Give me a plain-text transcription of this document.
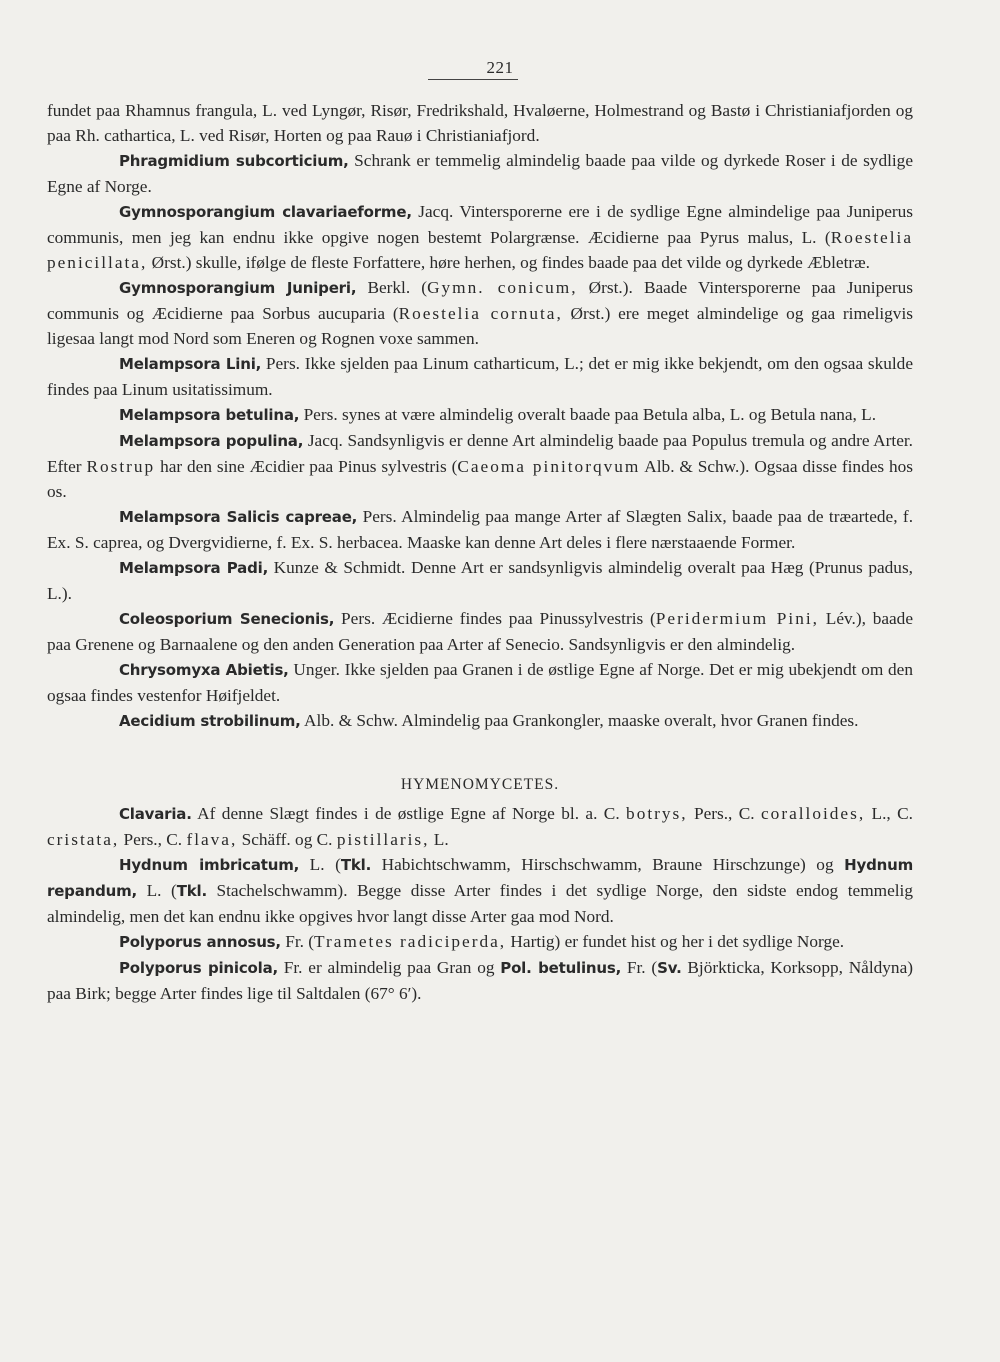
221

fundet paa Rhamnus frangula, L. ved Lyngør, Risør, Fredrikshald, Hvaløerne, Holmestrand og Bastø i Christianiafjorden og paa Rh. cathartica, L. ved Risør, Horten og paa Rauø i Christianiafjord.

Phragmidium subcorticium, Schrank er temmelig almindelig baade paa vilde og dyrkede Roser i de sydlige Egne af Norge.

Gymnosporangium clavariaeforme, Jacq. Vintersporerne ere i de sydlige Egne almindelige paa Juniperus communis, men jeg kan endnu ikke opgive nogen bestemt Polargrænse. Æcidierne paa Pyrus malus, L. (Roestelia penicillata, Ørst.) skulle, ifølge de fleste Forfattere, høre herhen, og findes baade paa det vilde og dyrkede Æbletræ.

Gymnosporangium Juniperi, Berkl. (Gymn. conicum, Ørst.). Baade Vintersporerne paa Juniperus communis og Æcidierne paa Sorbus aucuparia (Roestelia cornuta, Ørst.) ere meget almindelige og gaa rimeligvis ligesaa langt mod Nord som Eneren og Rognen voxe sammen.

Melampsora Lini, Pers. Ikke sjelden paa Linum catharticum, L.; det er mig ikke bekjendt, om den ogsaa skulde findes paa Linum usitatissimum.

Melampsora betulina, Pers. synes at være almindelig overalt baade paa Betula alba, L. og Betula nana, L.

Melampsora populina, Jacq. Sandsynligvis er denne Art almindelig baade paa Populus tremula og andre Arter. Efter Rostrup har den sine Æcidier paa Pinus sylvestris (Caeoma pinitorqvum Alb. & Schw.). Ogsaa disse findes hos os.

Melampsora Salicis capreae, Pers. Almindelig paa mange Arter af Slægten Salix, baade paa de træartede, f. Ex. S. caprea, og Dvergvidierne, f. Ex. S. herbacea. Maaske kan denne Art deles i flere nærstaaende Former.

Melampsora Padi, Kunze & Schmidt. Denne Art er sandsynligvis almindelig overalt paa Hæg (Prunus padus, L.).

Coleosporium Senecionis, Pers. Æcidierne findes paa Pinussylvestris (Peridermium Pini, Lév.), baade paa Grenene og Barnaalene og den anden Generation paa Arter af Senecio. Sandsynligvis er den almindelig.

Chrysomyxa Abietis, Unger. Ikke sjelden paa Granen i de østlige Egne af Norge. Det er mig ubekjendt om den ogsaa findes vestenfor Høifjeldet.

Aecidium strobilinum, Alb. & Schw. Almindelig paa Grankongler, maaske overalt, hvor Granen findes.

HYMENOMYCETES.

Clavaria. Af denne Slægt findes i de østlige Egne af Norge bl. a. C. botrys, Pers., C. coralloides, L., C. cristata, Pers., C. flava, Schäff. og C. pistillaris, L.

Hydnum imbricatum, L. (Tkl. Habichtschwamm, Hirschschwamm, Braune Hirschzunge) og Hydnum repandum, L. (Tkl. Stachelschwamm). Begge disse Arter findes i det sydlige Norge, den sidste endog temmelig almindelig, men det kan endnu ikke opgives hvor langt disse Arter gaa mod Nord.

Polyporus annosus, Fr. (Trametes radiciperda, Hartig) er fundet hist og her i det sydlige Norge.

Polyporus pinicola, Fr. er almindelig paa Gran og Pol. betulinus, Fr. (Sv. Björkticka, Korksopp, Nåldyna) paa Birk; begge Arter findes lige til Saltdalen (67° 6′).
